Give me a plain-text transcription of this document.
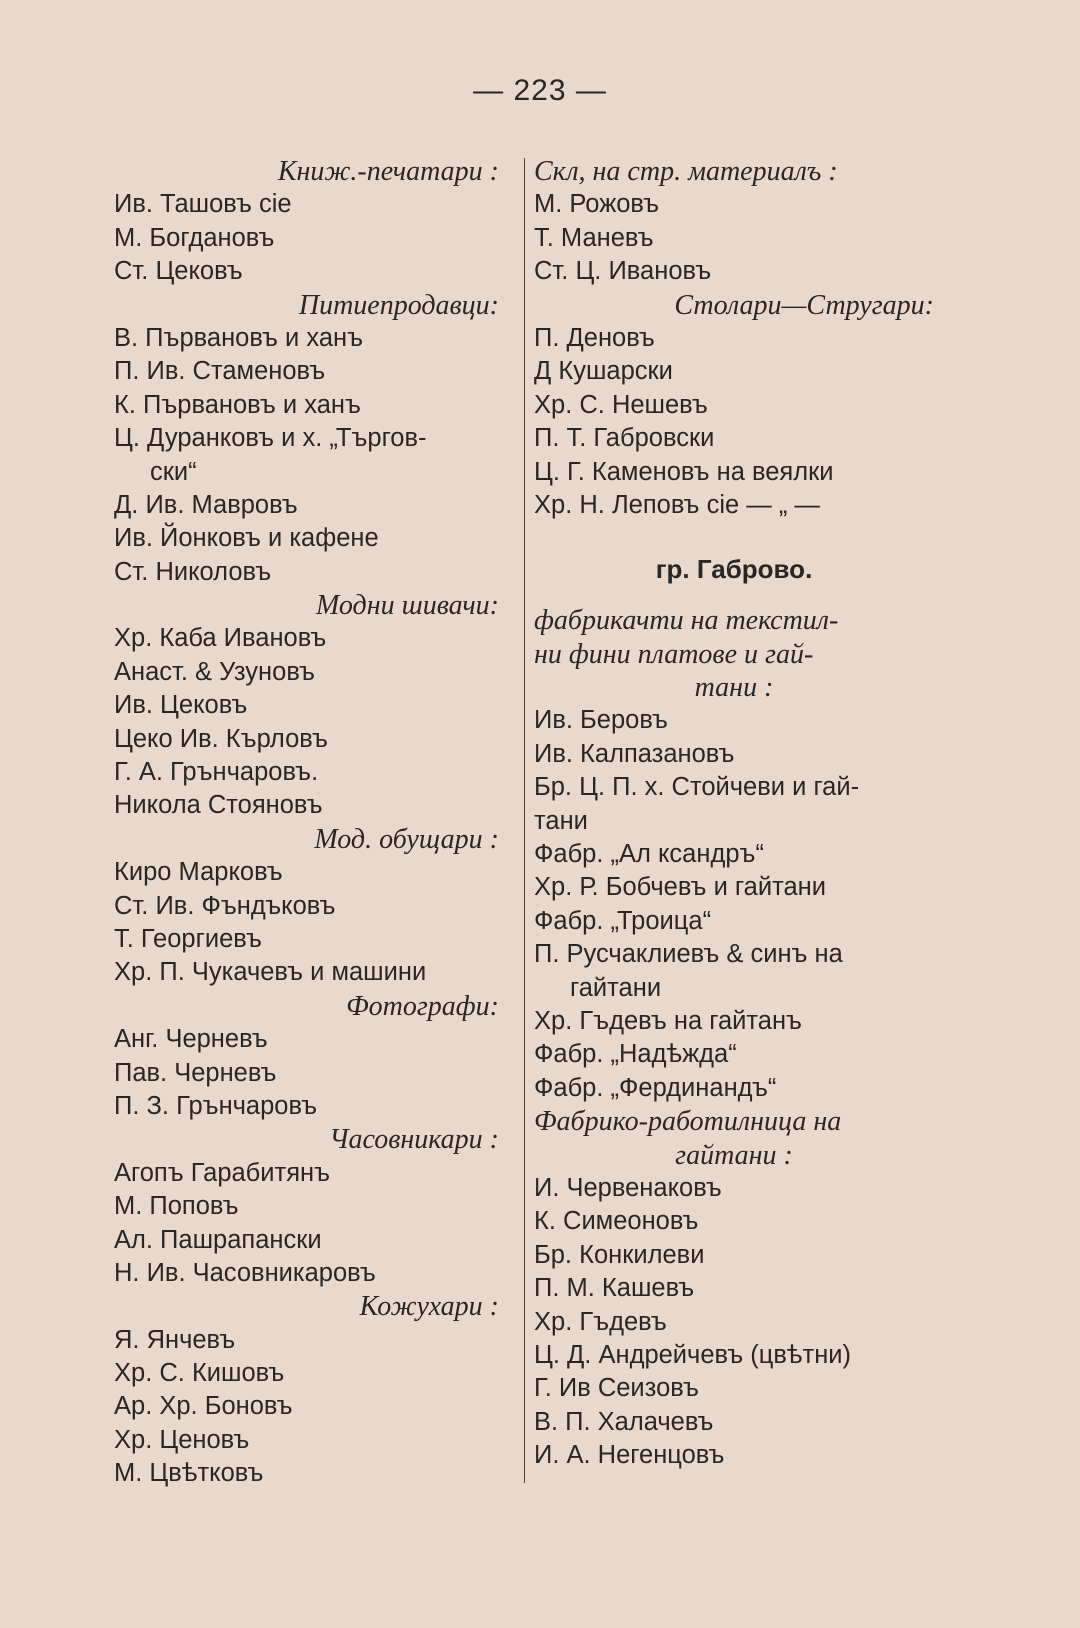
— 223 —
Книж.-печатари :
Ив. Ташовъ сіе
М. Богдановъ
Ст. Цековъ
Питиепродавци:
В. Първановъ и ханъ
П. Ив. Стаменовъ
К. Първановъ и ханъ
Ц. Дуранковъ и х. „Търгов-
ски“
Д. Ив. Мавровъ
Ив. Йонковъ и кафене
Ст. Николовъ
Модни шивачи:
Хр. Каба Ивановъ
Анаст. & Узуновъ
Ив. Цековъ
Цеко Ив. Кърловъ
Г. А. Грънчаровъ.
Никола Стояновъ
Мод. обущари :
Киро Марковъ
Ст. Ив. Фъндъковъ
Т. Георгиевъ
Хр. П. Чукачевъ и машини
Фотографи:
Анг. Черневъ
Пав. Черневъ
П. З. Грънчаровъ
Часовникари :
Агопъ Гарабитянъ
М. Поповъ
Ал. Пашрапански
Н. Ив. Часовникаровъ
Кожухари :
Я. Янчевъ
Хр. С. Кишовъ
Ар. Хр. Боновъ
Хр. Ценовъ
М. Цвѣтковъ
Скл, на стр. материалъ :
М. Рожовъ
Т. Маневъ
Ст. Ц. Ивановъ
Столари—Стругари:
П. Деновъ
Д Кушарски
Хр. С. Нешевъ
П. Т. Габровски
Ц. Г. Каменовъ на веялки
Хр. Н. Леповъ сіе — „ —
гр. Габрово.
фабрикачти на текстил-
ни фини платове и гай-
тани :
Ив. Беровъ
Ив. Калпазановъ
Бр. Ц. П. х. Стойчеви и гай-
тани
Фабр. „Ал ксандръ“
Хр. Р. Бобчевъ и гайтани
Фабр. „Троица“
П. Русчаклиевъ & синъ на
гайтани
Хр. Гъдевъ на гайтанъ
Фабр. „Надѣжда“
Фабр. „Фердинандъ“
Фабрико-работилница на
гайтани :
И. Червенаковъ
К. Симеоновъ
Бр. Конкилеви
П. М. Кашевъ
Хр. Гъдевъ
Ц. Д. Андрейчевъ (цвѣтни)
Г. Ив Сеизовъ
В. П. Халачевъ
И. А. Негенцовъ
